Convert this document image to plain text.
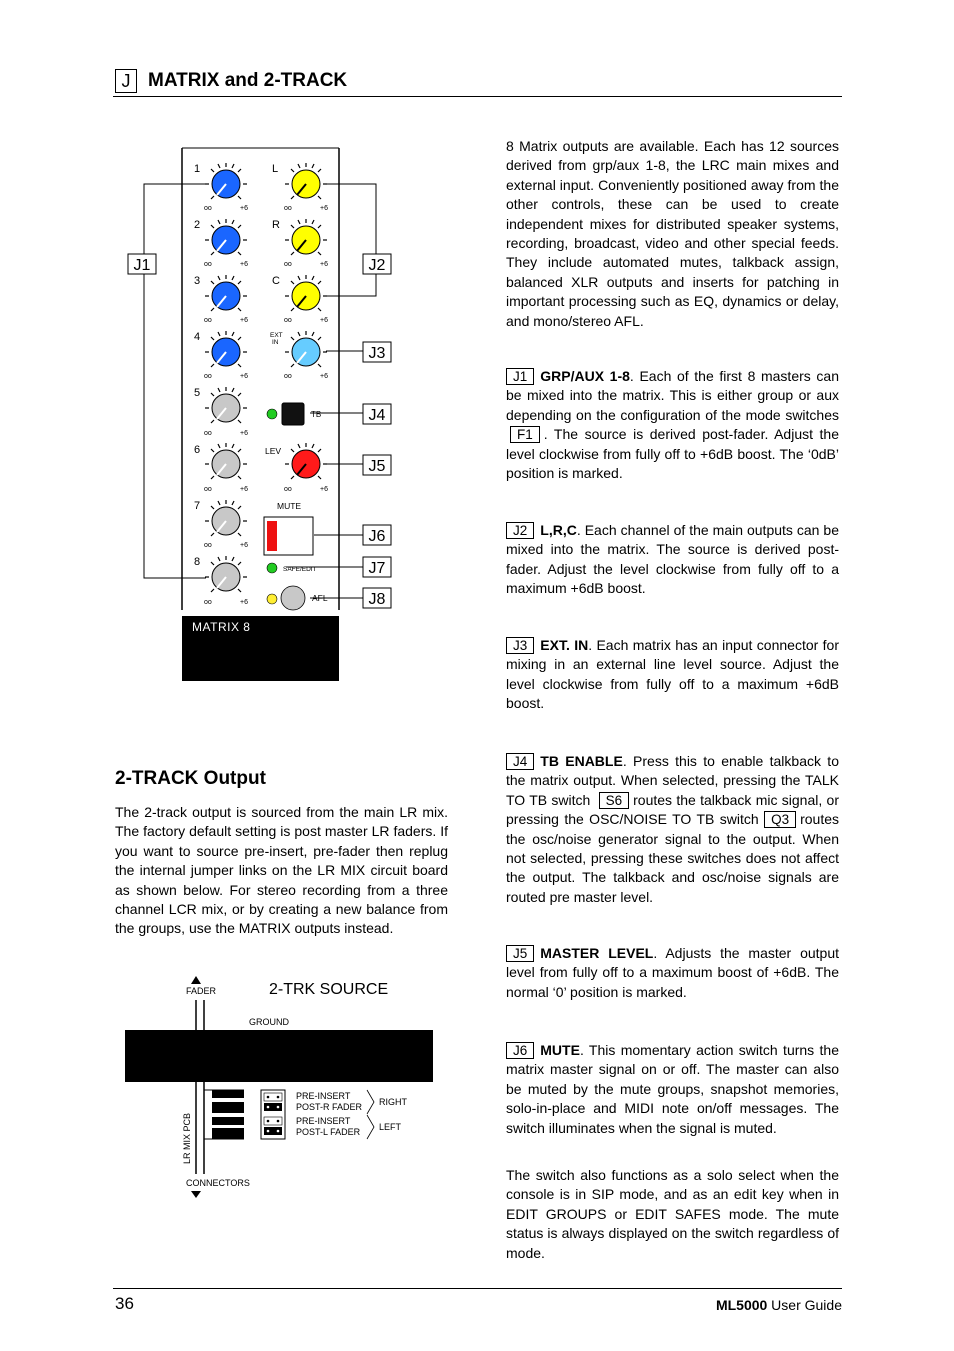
J MATRIX and 2-TRACK
J1	J2
J3
J4
J5
J6
J7
J8
1
2
3
4
5
6
7
8
oo	+6
oo	+6
oo	+6
oo	+6
oo	+6
oo	+6
oo	+6
oo	+6
L
R
C
EXT
IN
LEV
oo	+6
oo	+6
oo	+6
oo	+6
oo	+6
TB
MUTE
SAFE/EDIT
AFL
MATRIX 8

8 Matrix outputs are available. Each has 12 sources derived from grp/aux 1-8, the LRC main mixes and external input. Conveniently positioned away from the other controls, these can be used to create independent mixes for distributed speaker systems, recording, broadcast, video and other special feeds. They include automated mutes, talkback assign, balanced XLR outputs and inserts for patching in important processing such as EQ, dynamics or delay, and mono/stereo AFL.

J1 GRP/AUX 1-8. Each of the first 8 masters can be mixed into the matrix. This is either group or aux depending on the configuration of the mode switches F1 . The source is derived post-fader. Adjust the level clockwise from fully off to +6dB boost. The ‘0dB’ position is marked.

J2 L,R,C. Each channel of the main outputs can be mixed into the matrix. The source is derived post-fader. Adjust the level clockwise from fully off to a maximum +6dB boost.

J3 EXT. IN. Each matrix has an input connector for mixing in an external line level source. Adjust the level clockwise from fully off to a maximum +6dB boost.

J4 TB ENABLE. Press this to enable talkback to the matrix output. When selected, pressing the TALK TO TB switch S6 routes the talkback mic signal, or pressing the OSC/NOISE TO TB switch Q3 routes the osc/noise generator signal to the output. When not selected, pressing these switches does not affect the output. The talkback and osc/noise signals are routed pre master level.

J5 MASTER LEVEL. Adjusts the master output level from fully off to a maximum boost of +6dB. The normal ‘0’ position is marked.

J6 MUTE. This momentary action switch turns the matrix master signal on or off. The master can also be muted by the mute groups, snapshot memories, solo-in-place and MIDI note on/off messages. The switch illuminates when the signal is muted.

The switch also functions as a solo select when the console is in SIP mode, and as an edit key when in EDIT GROUPS or EDIT SAFES mode. The mute status is always displayed on the switch regardless of mode.

2-TRACK Output

The 2-track output is sourced from the main LR mix. The factory default setting is post master LR faders. If you want to source pre-insert, pre-fader then replug the internal jumper links on the LR MIX circuit board as shown below. For stereo recording from a three channel LCR mix, or by creating a new balance from the groups, use the MATRIX outputs instead.

FADER	2-TRK SOURCE
GROUND
PRE-INSERT
POST-R FADER
PRE-INSERT
POST-L FADER
RIGHT
LEFT
LR MIX PCB
CONNECTORS
36	ML5000 User Guide
